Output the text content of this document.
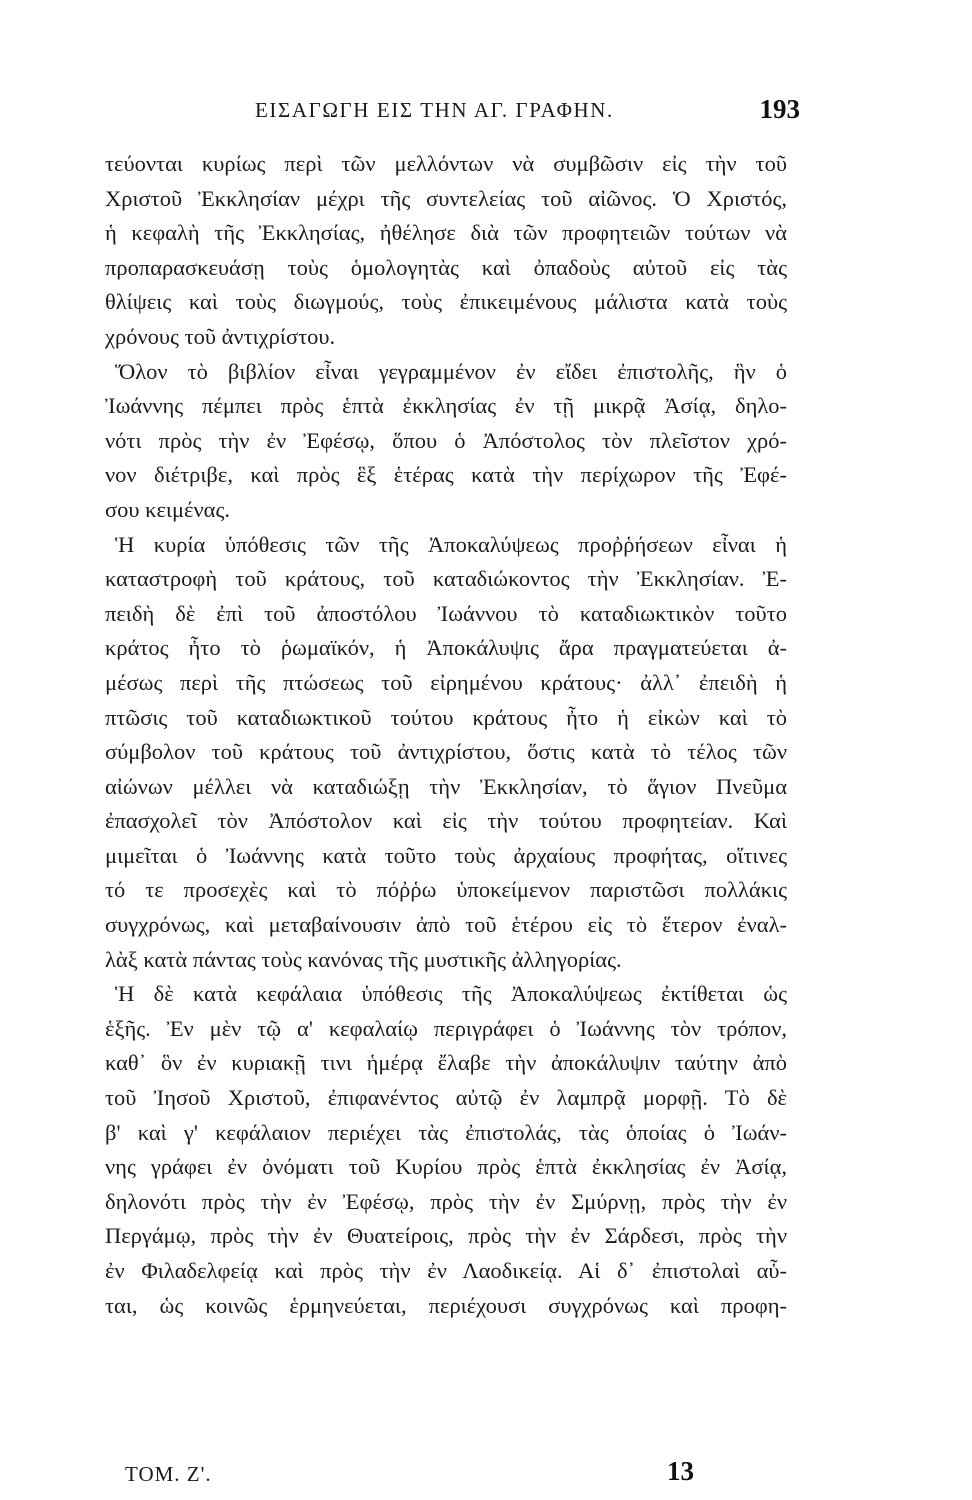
ΕΙΣΑΓΩΓΗ ΕΙΣ ΤΗΝ ΑΓ. ΓΡΑΦΗΝ.	193
τεύονται κυρίως περὶ τῶν μελλόντων νὰ συμβῶσιν εἰς τὴν τοῦ
Χριστοῦ Ἐκκλησίαν μέχρι τῆς συντελείας τοῦ αἰῶνος. Ὁ Χριστός,
ἡ κεφαλὴ τῆς Ἐκκλησίας, ἠθέλησε διὰ τῶν προφητειῶν τούτων νὰ
προπαρασκευάσῃ τοὺς ὁμολογητὰς καὶ ὀπαδοὺς αὐτοῦ εἰς τὰς
θλίψεις καὶ τοὺς διωγμούς, τοὺς ἐπικειμένους μάλιστα κατὰ τοὺς
χρόνους τοῦ ἀντιχρίστου.
Ὅλον τὸ βιβλίον εἶναι γεγραμμένον ἐν εἴδει ἐπιστολῆς, ἣν ὁ
Ἰωάννης πέμπει πρὸς ἑπτὰ ἐκκλησίας ἐν τῇ μικρᾷ Ἀσίᾳ, δηλο-
νότι πρὸς τὴν ἐν Ἐφέσῳ, ὅπου ὁ Ἀπόστολος τὸν πλεῖστον χρό-
νον διέτριβε, καὶ πρὸς ἓξ ἑτέρας κατὰ τὴν περίχωρον τῆς Ἐφέ-
σου κειμένας.
Ἡ κυρία ὑπόθεσις τῶν τῆς Ἀποκαλύψεως προῤῥήσεων εἶναι ἡ
καταστροφὴ τοῦ κράτους, τοῦ καταδιώκοντος τὴν Ἐκκλησίαν. Ἐ-
πειδὴ δὲ ἐπὶ τοῦ ἀποστόλου Ἰωάννου τὸ καταδιωκτικὸν τοῦτο
κράτος ἦτο τὸ ῥωμαϊκόν, ἡ Ἀποκάλυψις ἄρα πραγματεύεται ἀ-
μέσως περὶ τῆς πτώσεως τοῦ εἰρημένου κράτους· ἀλλ᾽ ἐπειδὴ ἡ
πτῶσις τοῦ καταδιωκτικοῦ τούτου κράτους ἦτο ἡ εἰκὼν καὶ τὸ
σύμβολον τοῦ κράτους τοῦ ἀντιχρίστου, ὅστις κατὰ τὸ τέλος τῶν
αἰώνων μέλλει νὰ καταδιώξῃ τὴν Ἐκκλησίαν, τὸ ἅγιον Πνεῦμα
ἐπασχολεῖ τὸν Ἀπόστολον καὶ εἰς τὴν τούτου προφητείαν. Καὶ
μιμεῖται ὁ Ἰωάννης κατὰ τοῦτο τοὺς ἀρχαίους προφήτας, οἵτινες
τό τε προσεχὲς καὶ τὸ πόῤῥω ὑποκείμενον παριστῶσι πολλάκις
συγχρόνως, καὶ μεταβαίνουσιν ἀπὸ τοῦ ἑτέρου εἰς τὸ ἕτερον ἐναλ-
λὰξ κατὰ πάντας τοὺς κανόνας τῆς μυστικῆς ἀλληγορίας.
Ἡ δὲ κατὰ κεφάλαια ὑπόθεσις τῆς Ἀποκαλύψεως ἐκτίθεται ὡς
ἑξῆς. Ἐν μὲν τῷ α' κεφαλαίῳ περιγράφει ὁ Ἰωάννης τὸν τρόπον,
καθ᾽ ὃν ἐν κυριακῇ τινι ἡμέρᾳ ἔλαβε τὴν ἀποκάλυψιν ταύτην ἀπὸ
τοῦ Ἰησοῦ Χριστοῦ, ἐπιφανέντος αὐτῷ ἐν λαμπρᾷ μορφῇ. Τὸ δὲ
β' καὶ γ' κεφάλαιον περιέχει τὰς ἐπιστολάς, τὰς ὁποίας ὁ Ἰωάν-
νης γράφει ἐν ὀνόματι τοῦ Κυρίου πρὸς ἑπτὰ ἐκκλησίας ἐν Ἀσίᾳ,
δηλονότι πρὸς τὴν ἐν Ἐφέσῳ, πρὸς τὴν ἐν Σμύρνῃ, πρὸς τὴν ἐν
Περγάμῳ, πρὸς τὴν ἐν Θυατείροις, πρὸς τὴν ἐν Σάρδεσι, πρὸς τὴν
ἐν Φιλαδελφείᾳ καὶ πρὸς τὴν ἐν Λαοδικείᾳ. Αἱ δ᾽ ἐπιστολαὶ αὗ-
ται, ὡς κοινῶς ἑρμηνεύεται, περιέχουσι συγχρόνως καὶ προφη-
ΤΟΜ. Ζ'.	13
